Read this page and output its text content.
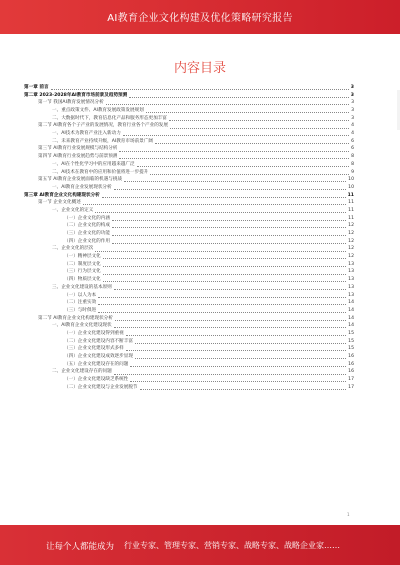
AI教育企业文化构建及优化策略研究报告
内容目录
第一章 前言	3
第二章 2023-2028年AI教育市场前景及趋势预测	3
第一节 我国AI教育发展情况分析	3
一、重点政策文件、AI教育发展政策发展规划	3
二、大数据时代下，教育信息化产品和服务形态更加丰富	3
第二节 AI教育各个子产业的发展情况，教育行业各个产业的发展	4
一、AI技术为教育产业注入新动力	4
二、未来教育产业持续升级，AI教育市场前景广阔	6
第三节 AI教育行业发展规模与结构分析	6
第四节 AI教育行业发展趋势与前景预测	8
一、AI在个性化学习中的应用越来越广泛	8
二、AI技术在教育中的应用和价值将进一步提升	9
第五节 AI教育企业发展面临的机遇与挑战	10
一、AI教育企业发展现状分析	10
第三章 AI教育企业文化构建现状分析	11
第一节 企业文化概述	11
一、企业文化的定义	11
（一）企业文化的内涵	11
（二）企业文化的构成	12
（三）企业文化的功能	12
（四）企业文化的作用	12
二、企业文化的层次	12
（一）精神层文化	12
（二）制度层文化	13
（三）行为层文化	13
（四）物质层文化	13
三、企业文化建设的基本原则	13
（一）以人为本	13
（二）注重实效	14
（三）与时俱进	14
第二节 AI教育企业文化构建现状分析	14
一、AI教育企业文化建设现状	14
（一）企业文化建设得到重视	15
（二）企业文化建设内容不断丰富	15
（三）企业文化建设形式多样	15
（四）企业文化建设成效逐步显现	16
（五）企业文化建设存在的问题	16
二、企业文化建设存在的问题	16
（一）企业文化建设缺乏系统性	17
（二）企业文化建设与企业发展脱节	17
1
让每个人都能成为 行业专家、管理专家、营销专家、战略专家、战略企业家……
